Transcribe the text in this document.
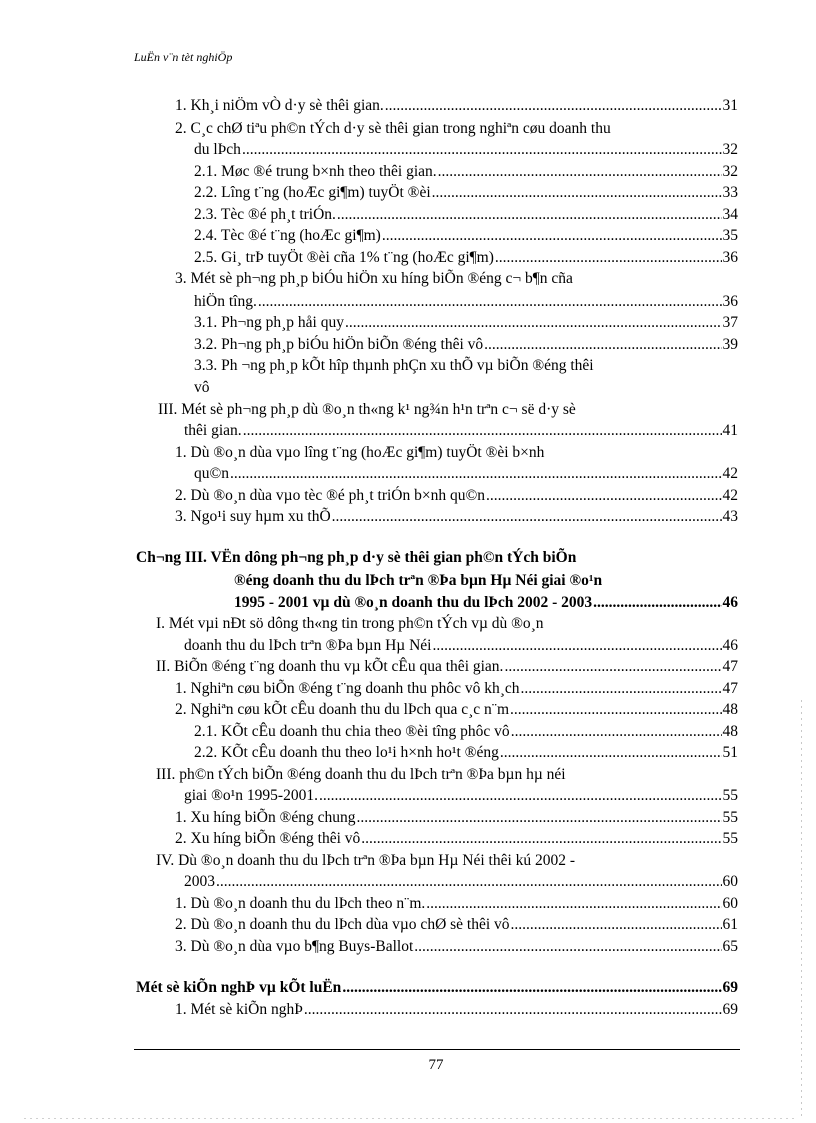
LuËn v¨n tèt nghiÖp
1. Kh¸i niÖm vÒ d·y sè thêi gian. .....	31
2. C¸c chØ tiªu ph©n tÝch d·y sè thêi gian trong nghiªn cøu doanh thu
du lÞch .....	32
2.1. Møc ®é trung b×nh theo thêi gian. .....	32
2.2. Lîng t¨ng (hoÆc gi¶m) tuyÖt ®èi .....	33
2.3. Tèc ®é ph¸t triÓn. .....	34
2.4. Tèc ®é t¨ng (hoÆc gi¶m) .....	35
2.5. Gi¸ trÞ tuyÖt ®èi cña 1% t¨ng (hoÆc gi¶m) .....	36
3. Mét sè ph¬ng ph¸p biÓu hiÖn xu híng biÕn ®éng c¬ b¶n cña
hiÖn tîng. .....	36
3.1. Ph¬ng ph¸p håi quy .....	37
3.2. Ph¬ng ph¸p biÓu hiÖn biÕn ®éng thêi vô .....	39
3.3. Ph ¬ng ph¸p kÕt hîp thµnh phÇn xu thÕ vµ biÕn ®éng thêi
vô
III. Mét sè ph¬ng ph¸p dù ®o¸n th«ng k¹ ng¾n h¹n trªn c¬ së d·y sè
thêi gian. .....	41
1. Dù ®o¸n dùa vµo lîng t¨ng (hoÆc gi¶m) tuyÖt ®èi b×nh
qu©n .....	42
2. Dù ®o¸n dùa vµo tèc ®é ph¸t triÓn b×nh qu©n .....	42
3. Ngo¹i suy hµm xu thÕ .....	43
Ch¬ng III. VËn dông ph¬ng ph¸p d·y sè thêi gian ph©n tÝch biÕn
®éng doanh thu du lÞch trªn ®Þa bµn Hµ Néi giai ®o¹n
1995 - 2001 vµ dù ®o¸n doanh thu du lÞch 2002 - 2003 .....	46
I. Mét vµi nÐt sö dông th«ng tin trong ph©n tÝch vµ dù ®o¸n
doanh thu du lÞch trªn ®Þa bµn Hµ Néi .....	46
II. BiÕn ®éng t¨ng doanh thu vµ kÕt cÊu qua thêi gian. .....	47
1. Nghiªn cøu biÕn ®éng t¨ng doanh thu phôc vô kh¸ch .....	47
2. Nghiªn cøu kÕt cÊu doanh thu du lÞch qua c¸c n¨m .....	48
2.1. KÕt cÊu doanh thu chia theo ®èi tîng phôc vô .....	48
2.2. KÕt cÊu doanh thu theo lo¹i h×nh ho¹t ®éng .....	51
III. ph©n tÝch biÕn ®éng doanh thu du lÞch trªn ®Þa bµn hµ néi
giai ®o¹n 1995-2001. .....	55
1. Xu híng biÕn ®éng chung .....	55
2. Xu híng biÕn ®éng thêi vô .....	55
IV. Dù ®o¸n doanh thu du lÞch trªn ®Þa bµn Hµ Néi thêi kú 2002 -
2003 .....	60
1. Dù ®o¸n doanh thu du lÞch theo n¨m. .....	60
2. Dù ®o¸n doanh thu du lÞch dùa vµo chØ sè thêi vô .....	61
3. Dù ®o¸n dùa vµo b¶ng Buys-Ballot .....	65
Mét sè kiÕn nghÞ vµ kÕt luËn .....	69
1. Mét sè kiÕn nghÞ .....	69
77
